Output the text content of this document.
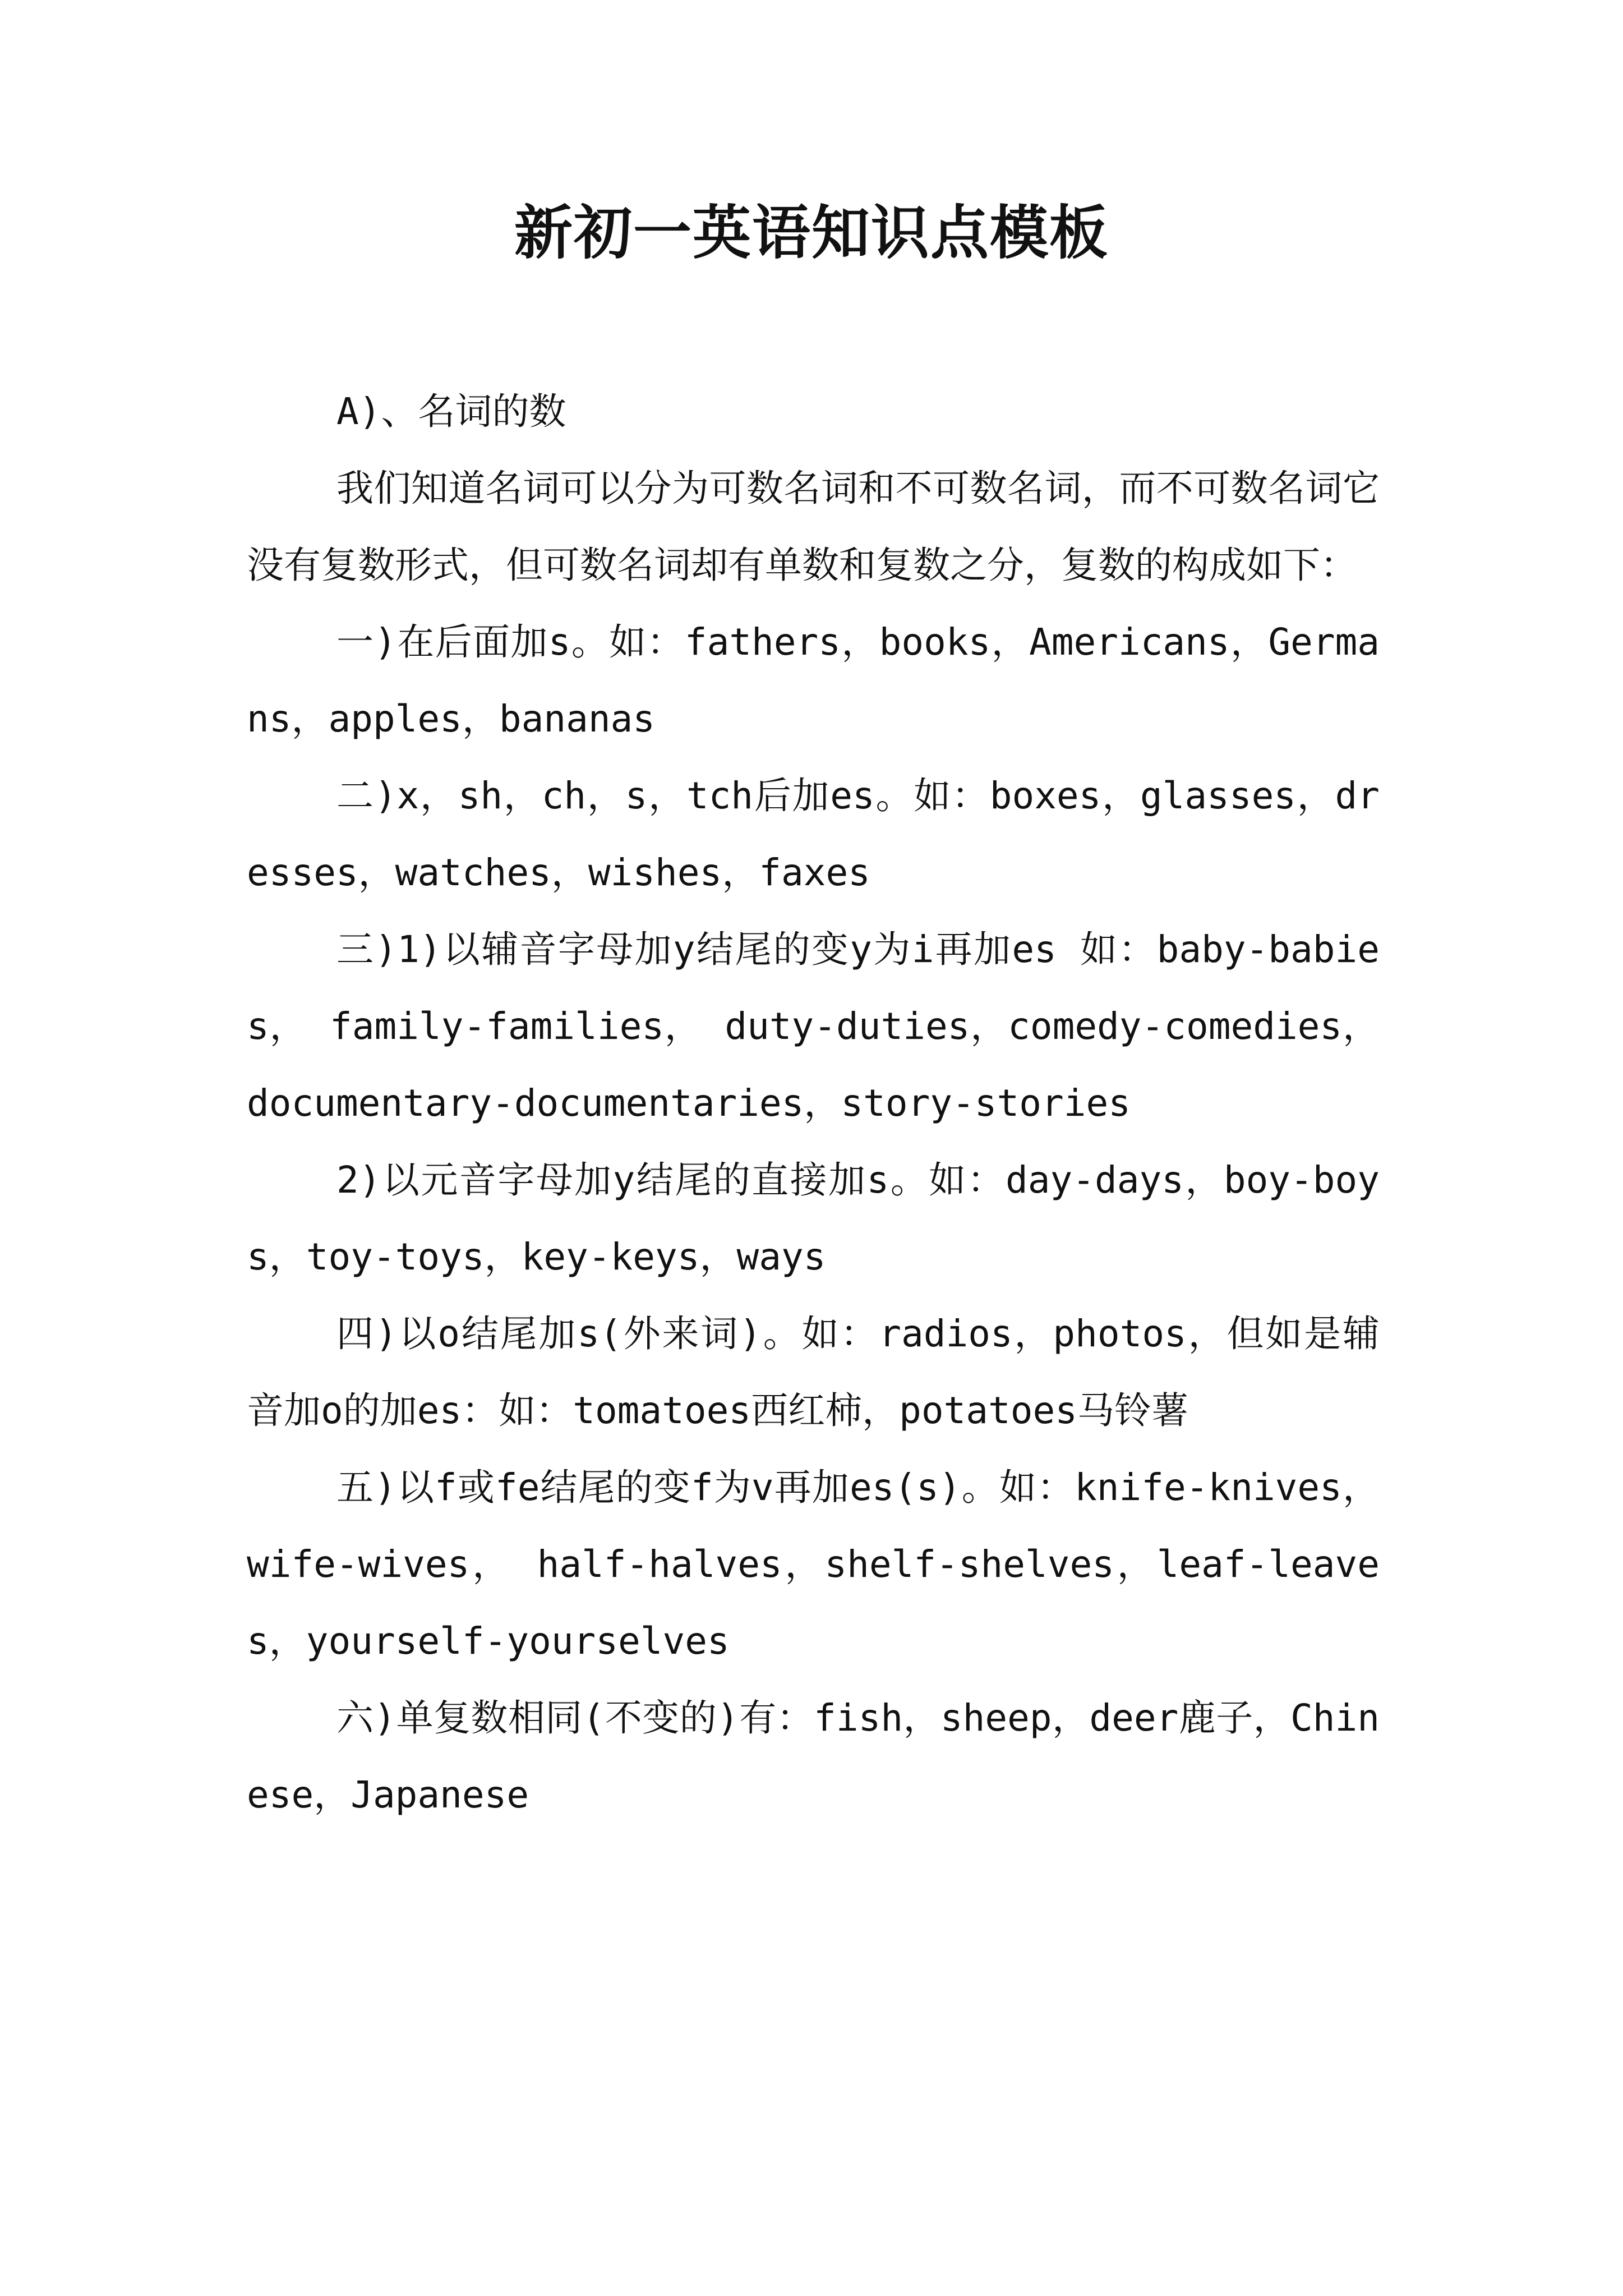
新初一英语知识点模板

A)、名词的数

我们知道名词可以分为可数名词和不可数名词，而不可数名词它没有复数形式，但可数名词却有单数和复数之分，复数的构成如下：

一)在后面加s。如：fathers，books，Americans，Germans，apples，bananas

二)x，sh，ch，s，tch后加es。如：boxes，glasses，dresses，watches，wishes，faxes

三)1)以辅音字母加y结尾的变y为i再加es 如：baby-babies， family-families， duty-duties，comedy-comedies， documentary-documentaries，story-stories

2)以元音字母加y结尾的直接加s。如：day-days，boy-boys，toy-toys，key-keys，ways

四)以o结尾加s(外来词)。如：radios，photos，但如是辅音加o的加es：如：tomatoes西红柿，potatoes马铃薯

五)以f或fe结尾的变f为v再加es(s)。如：knife-knives， wife-wives， half-halves，shelf-shelves，leaf-leaves，yourself-yourselves

六)单复数相同(不变的)有：fish，sheep，deer鹿子，Chinese，Japanese
